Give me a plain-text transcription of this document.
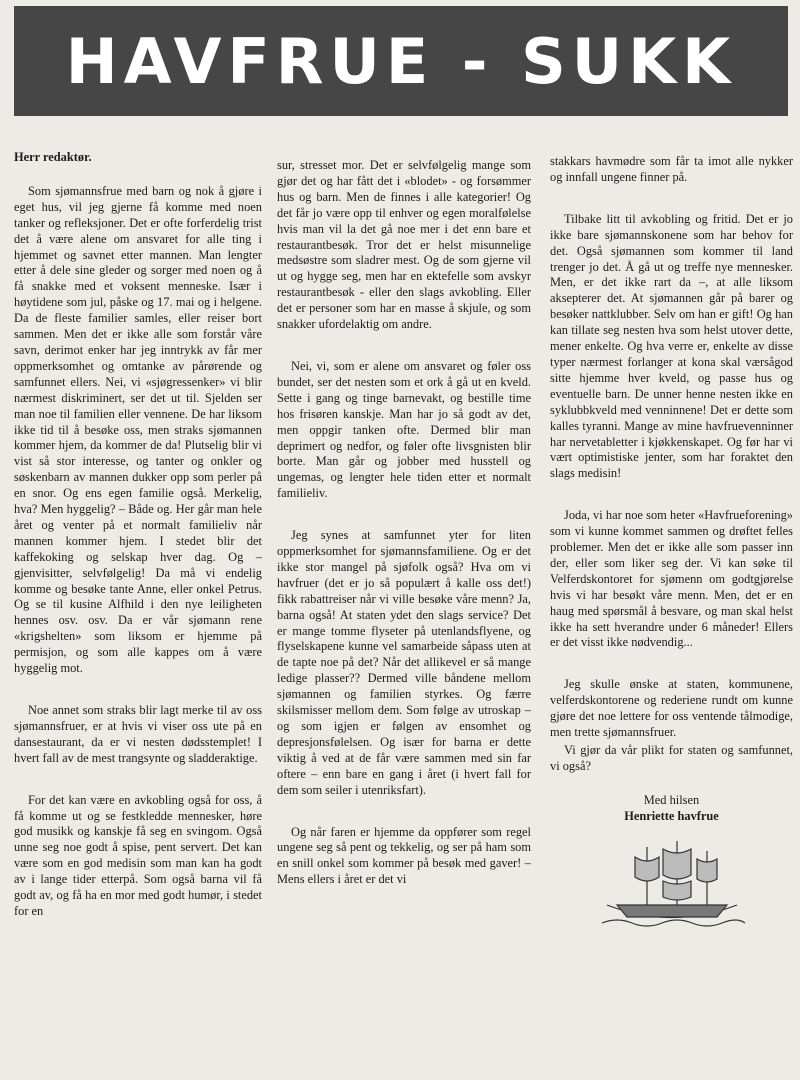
HAVFRUE - SUKK

Herr redaktør.

Som sjømannsfrue med barn og nok å gjøre i eget hus, vil jeg gjerne få komme med noen tanker og refleksjoner. Det er ofte forferdelig trist det å være alene om ansvaret for alle ting i hjemmet og savnet etter mannen. Man lengter etter å dele sine gleder og sorger med noen og å få snakke med et voksent menneske. Især i høytidene som jul, påske og 17. mai og i helgene. Da de fleste familier samles, eller reiser bort sammen. Men det er ikke alle som forstår våre savn, derimot enker har jeg inntrykk av får mer oppmerksomhet og omtanke av pårørende og samfunnet ellers. Nei, vi «sjøgressenker» vi blir nærmest diskriminert, ser det ut til. Sjelden ser man noe til familien eller vennene. De har liksom ikke tid til å besøke oss, men straks sjømannen kommer hjem, da kommer de da! Plutselig blir vi vist så stor interesse, og tanter og onkler og søskenbarn av mannen dukker opp som perler på en snor. Og ens egen familie også. Merkelig, hva? Men hyggelig? – Både og. Her går man hele året og venter på et normalt familieliv når mannen kommer hjem. I stedet blir det kaffekoking og selskap hver dag. Og – gjenvisitter, selvfølgelig! Da må vi endelig komme og besøke tante Anne, eller onkel Petrus. Og se til kusine Alfhild i den nye leiligheten hennes osv. osv. Da er vår sjømann rene «krigshelten» som liksom er hjemme på permisjon, og som alle kappes om å være hyggelig mot.

Noe annet som straks blir lagt merke til av oss sjømannsfruer, er at hvis vi viser oss ute på en dansestaurant, da er vi nesten dødsstemplet! I hvert fall av de mest trangsynte og sladderaktige.

For det kan være en avkobling også for oss, å få komme ut og se festkledde mennesker, høre god musikk og kanskje få seg en svingom. Også unne seg noe godt å spise, pent servert. Det kan være som en god medisin som man kan ha godt av i lange tider etterpå. Som også barna vil få godt av, og få ha en mor med godt humør, i stedet for en

sur, stresset mor. Det er selvfølgelig mange som gjør det og har fått det i «blodet» - og forsømmer hus og barn. Men de finnes i alle kategorier! Og det får jo være opp til enhver og egen moralfølelse hvis man vil la det gå noe mer i det enn bare et restaurantbesøk. Tror det er helst misunnelige medsøstre som sladrer mest. Og de som gjerne vil ut og hygge seg, men har en ektefelle som avskyr restaurantbesøk - eller den slags avkobling. Eller det er personer som har en masse å skjule, og som snakker ufordelaktig om andre.

Nei, vi, som er alene om ansvaret og føler oss bundet, ser det nesten som et ork å gå ut en kveld. Sette i gang og tinge barnevakt, og bestille time hos frisøren kanskje. Man har jo så godt av det, men oppgir tanken ofte. Dermed blir man deprimert og nedfor, og føler ofte livsgnisten blir borte. Man går og jobber med husstell og ungemas, og lengter hele tiden etter et normalt familieliv.

Jeg synes at samfunnet yter for liten oppmerksomhet for sjømannsfamiliene. Og er det ikke stor mangel på sjøfolk også? Hva om vi havfruer (det er jo så populært å kalle oss det!) fikk rabattreiser når vi ville besøke våre menn? Ja, barna også! At staten ydet den slags service? Det er mange tomme flyseter på utenlandsflyene, og flyselskapene kunne vel samarbeide såpass uten at de tapte noe på det? Når det allikevel er så mange ledige plasser?? Dermed ville båndene mellom sjømannen og familien styrkes. Og færre skilsmisser mellom dem. Som følge av utroskap – og som igjen er følgen av ensomhet og depresjonsfølelsen. Og især for barna er dette viktig å ved at de får være sammen med sin far oftere – enn bare en gang i året (i hvert fall for dem som seiler i utenriksfart).

Og når faren er hjemme da oppfører som regel ungene seg så pent og tekkelig, og ser på ham som en snill onkel som kommer på besøk med gaver! – Mens ellers i året er det vi

stakkars havmødre som får ta imot alle nykker og innfall ungene finner på.

Tilbake litt til avkobling og fritid. Det er jo ikke bare sjømannskonene som har behov for det. Også sjømannen som kommer til land trenger jo det. Å gå ut og treffe nye mennesker. Men, er det ikke rart da –, at alle liksom aksepterer det. At sjømannen går på barer og besøker nattklubber. Selv om han er gift! Og han kan tillate seg nesten hva som helst utover dette, mener enkelte. Og hva verre er, enkelte av disse typer nærmest forlanger at kona skal værsågod sitte hjemme hver kveld, og passe hus og eventuelle barn. De unner henne nesten ikke en syklubbkveld med venninnene! Det er dette som kalles tyranni. Mange av mine havfruevenninner har nervetabletter i kjøkkenskapet. Og før har vi vært optimistiske jenter, som har foraktet den slags medisin!

Joda, vi har noe som heter «Havfrueforening» som vi kunne kommet sammen og drøftet felles problemer. Men det er ikke alle som passer inn der, eller som liker seg der. Vi kan søke til Velferdskontoret for sjømenn om godtgjørelse hvis vi har besøkt våre menn. Men, det er en haug med spørsmål å besvare, og man skal helst ikke ha sett hverandre under 6 måneder! Ellers er det visst ikke nødvendig...

Jeg skulle ønske at staten, kommunene, velferdskontorene og rederiene rundt om kunne gjøre det noe lettere for oss ventende tålmodige, men trette sjømannsfruer.

Vi gjør da vår plikt for staten og samfunnet, vi også?

Med hilsen
Henriette havfrue
